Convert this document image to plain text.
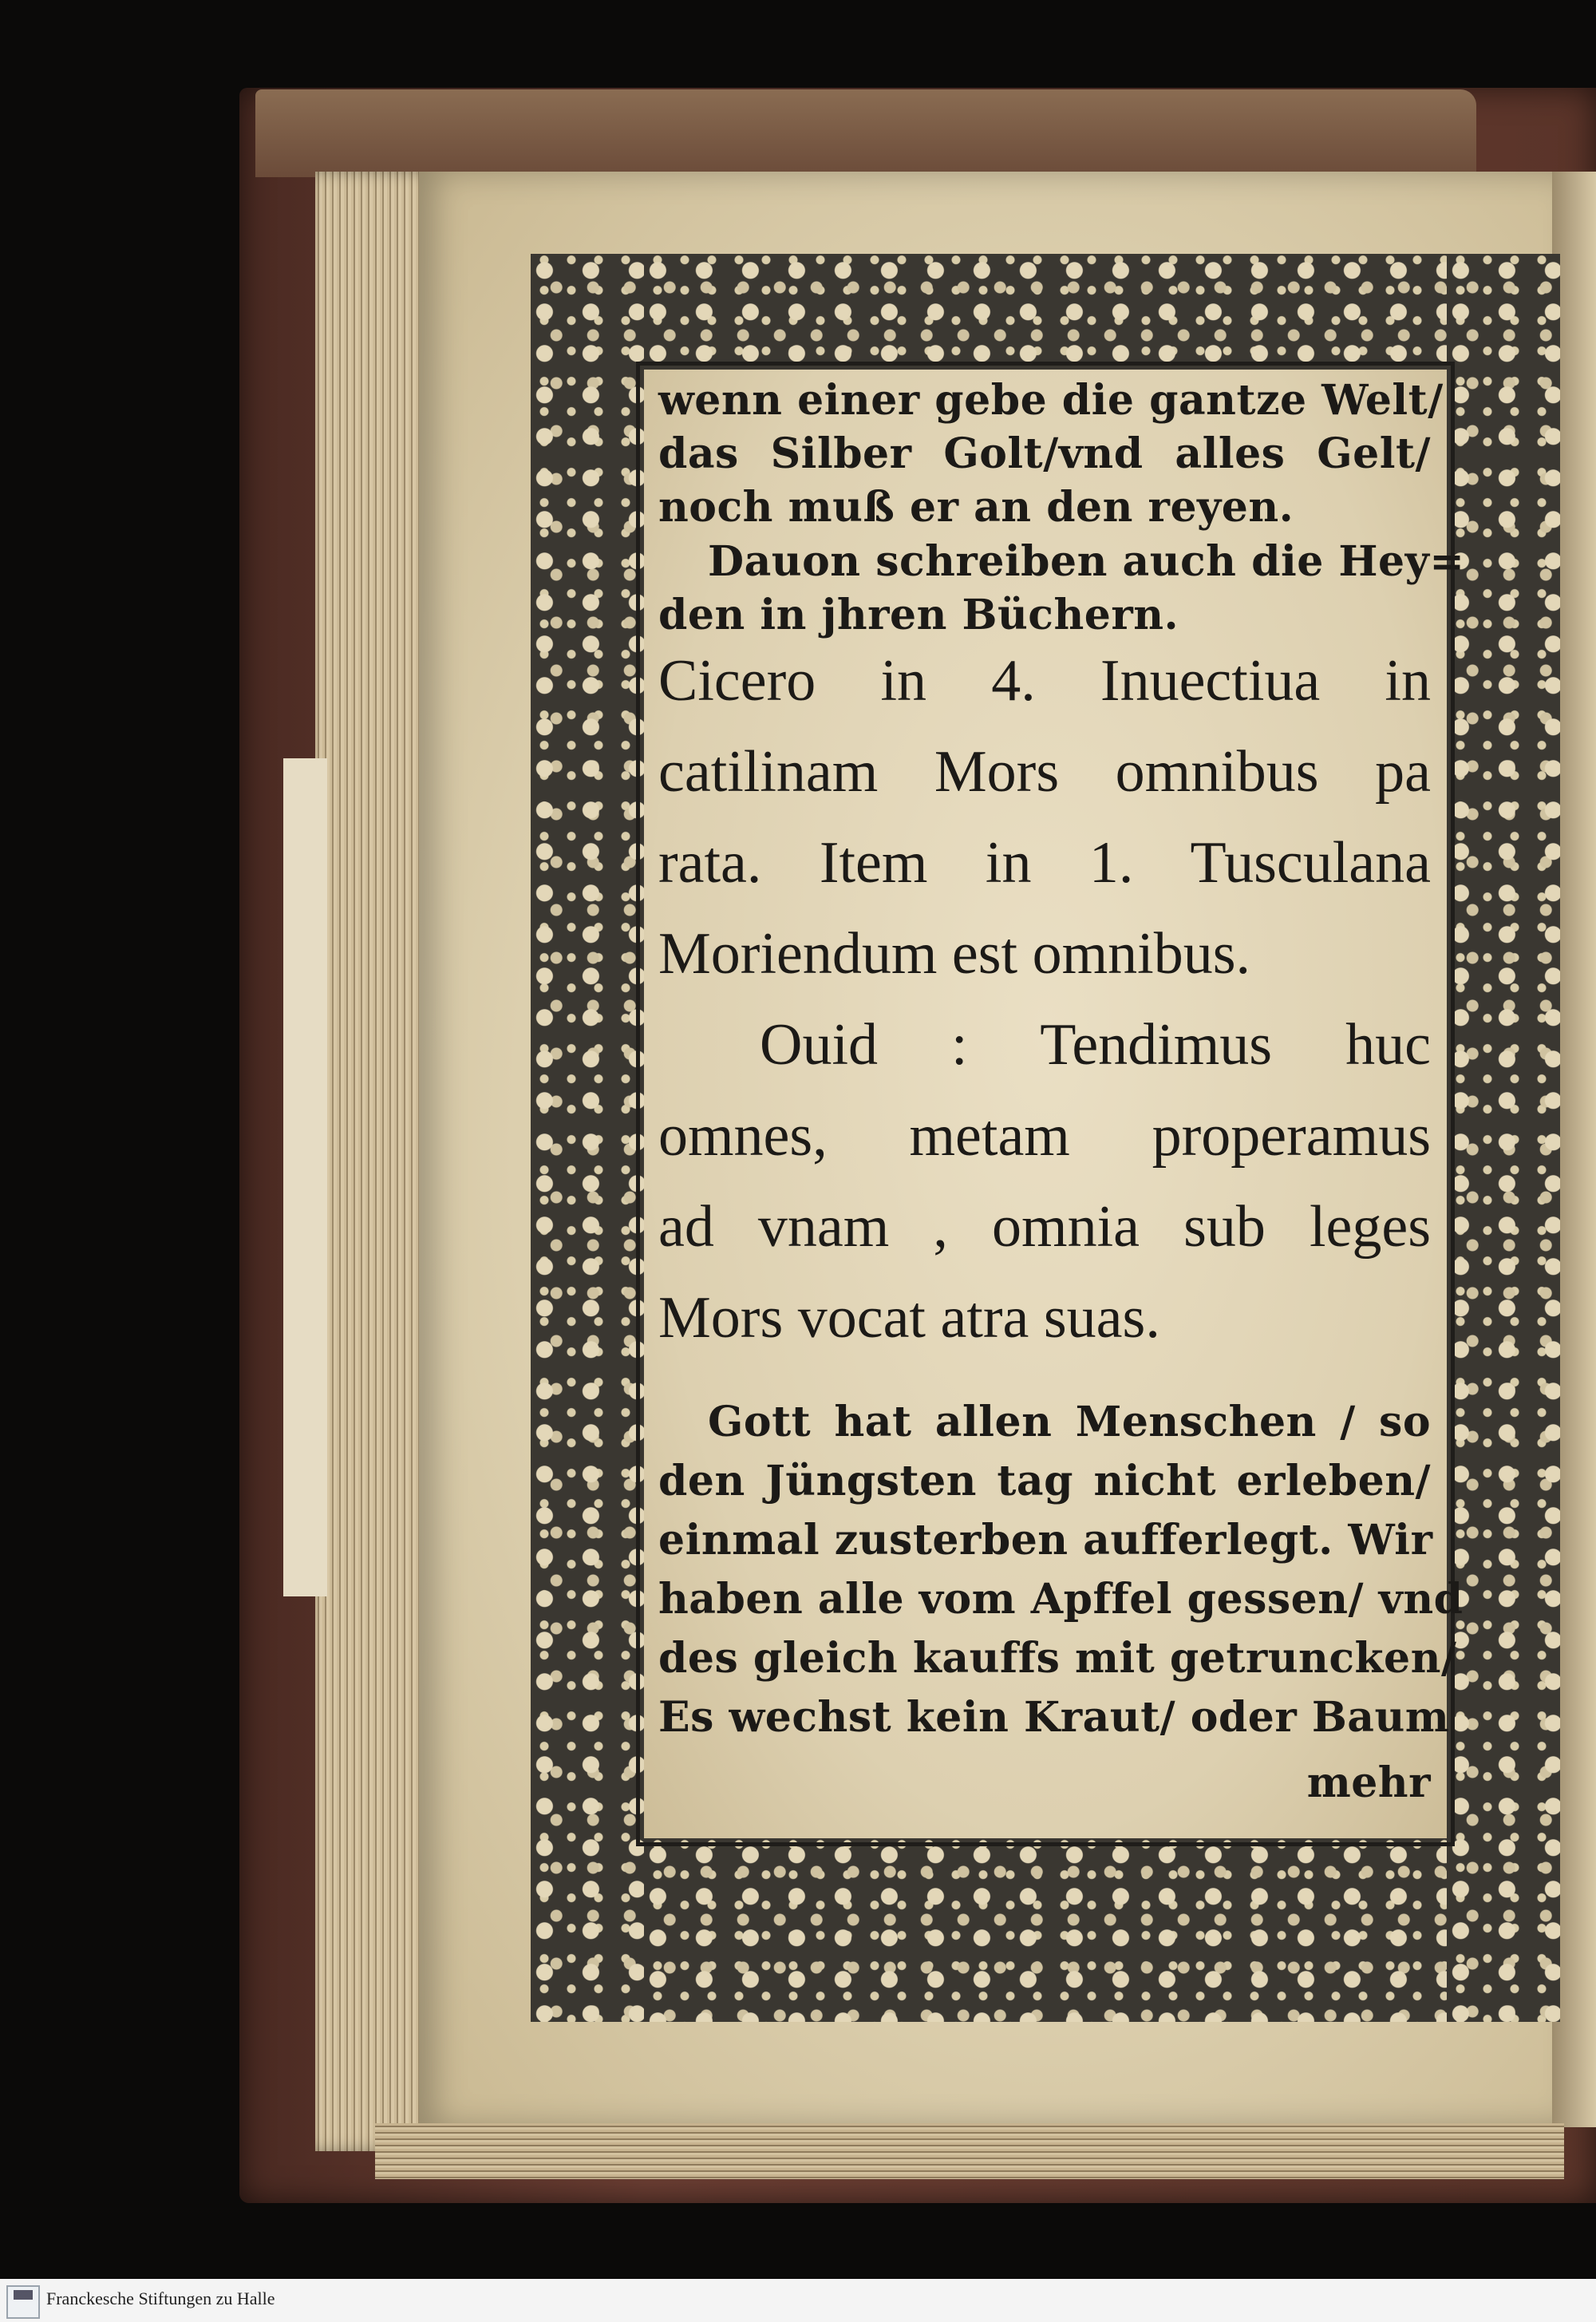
wenn einer gebe die gantze Welt/

das Silber Golt/vnd alles Gelt/

noch muß er an den reyen.

Dauon schreiben auch die Hey=

den in jhren Büchern.

Cicero in 4. Inuectiua in

catilinam Mors omnibus pa

rata. Item in 1. Tusculana

Moriendum est omnibus.

Ouid : Tendimus huc

omnes, metam properamus

ad vnam , omnia sub leges

Mors vocat atra suas.

Gott hat allen Menschen / so

den Jüngsten tag nicht erleben/

einmal zusterben aufferlegt. Wir

haben alle vom Apffel gessen/ vnd

des gleich kauffs mit getruncken/

Es wechst kein Kraut/ oder Baum

mehr

Franckesche Stiftungen zu Halle
